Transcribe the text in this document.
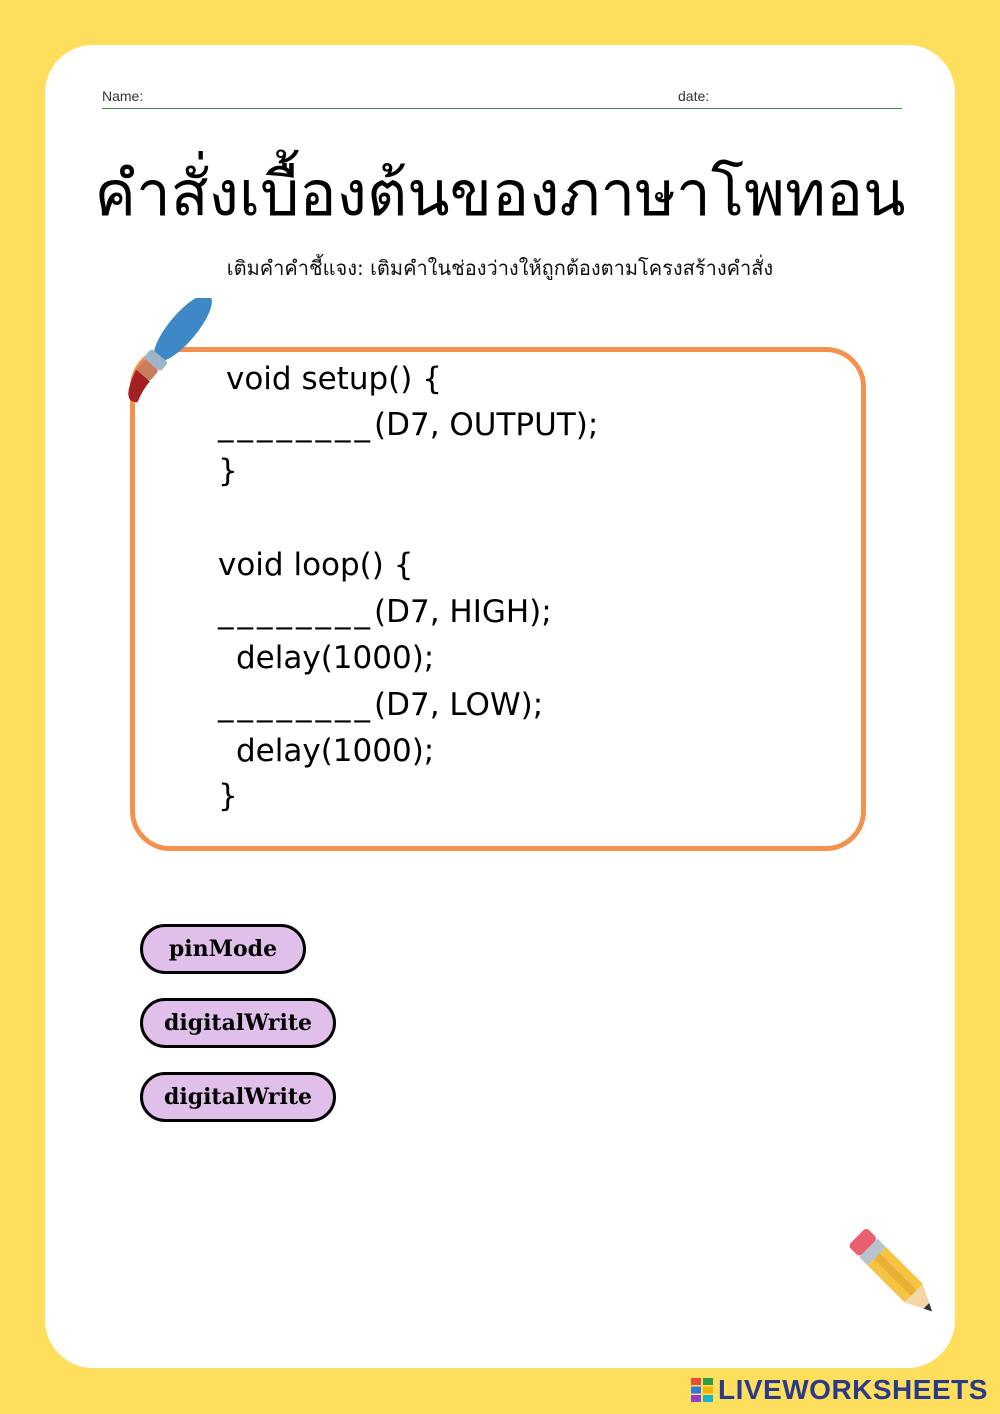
Name:	date:
คำสั่งเบื้องต้นของภาษาโพทอน
เติมคำคำชี้แจง: เติมคำในช่องว่างให้ถูกต้องตามโครงสร้างคำสั่ง
void setup() {
________(D7, OUTPUT);
}
void loop() {
________(D7, HIGH);
delay(1000);
________(D7, LOW);
delay(1000);
}
pinMode
digitalWrite
digitalWrite
LIVEWORKSHEETS
